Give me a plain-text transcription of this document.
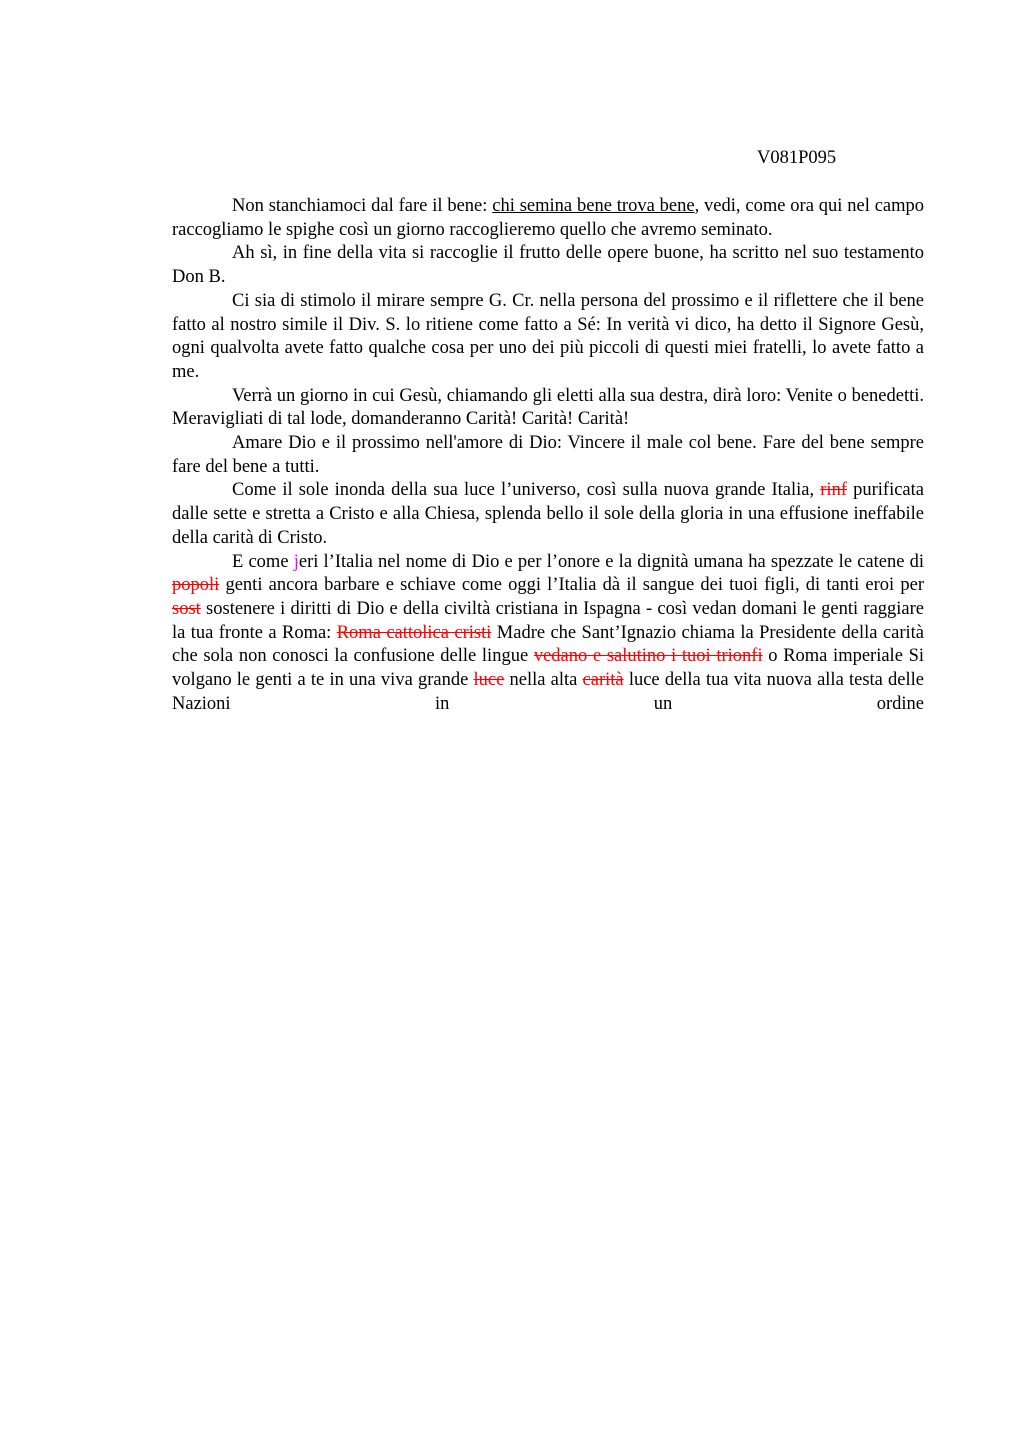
V081P095

Non stanchiamoci dal fare il bene: chi semina bene trova bene, vedi, come ora qui nel campo raccogliamo le spighe così un giorno raccoglieremo quello che avremo seminato.

Ah sì, in fine della vita si raccoglie il frutto delle opere buone, ha scritto nel suo testamento Don B.

Ci sia di stimolo il mirare sempre G. Cr. nella persona del prossimo e il riflettere che il bene fatto al nostro simile il Div. S. lo ritiene come fatto a Sé: In verità vi dico, ha detto il Signore Gesù, ogni qualvolta avete fatto qualche cosa per uno dei più piccoli di questi miei fratelli, lo avete fatto a me.

Verrà un giorno in cui Gesù, chiamando gli eletti alla sua destra, dirà loro: Venite o benedetti. Meravigliati di tal lode, domanderanno Carità! Carità! Carità!

Amare Dio e il prossimo nell'amore di Dio: Vincere il male col bene. Fare del bene sempre fare del bene a tutti.

Come il sole inonda della sua luce l’universo, così sulla nuova grande Italia, rinf purificata dalle sette e stretta a Cristo e alla Chiesa, splenda bello il sole della gloria in una effusione ineffabile della carità di Cristo.

E come jeri l’Italia nel nome di Dio e per l’onore e la dignità umana ha spezzate le catene di popoli genti ancora barbare e schiave come oggi l’Italia dà il sangue dei tuoi figli, di tanti eroi per sost sostenere i diritti di Dio e della civiltà cristiana in Ispagna - così vedan domani le genti raggiare la tua fronte a Roma: Roma cattolica cristi Madre che Sant’Ignazio chiama la Presidente della carità che sola non conosci la confusione delle lingue vedano e salutino i tuoi trionfi o Roma imperiale Si volgano le genti a te in una viva grande luce nella alta carità luce della tua vita nuova alla testa delle Nazioni in un ordine
